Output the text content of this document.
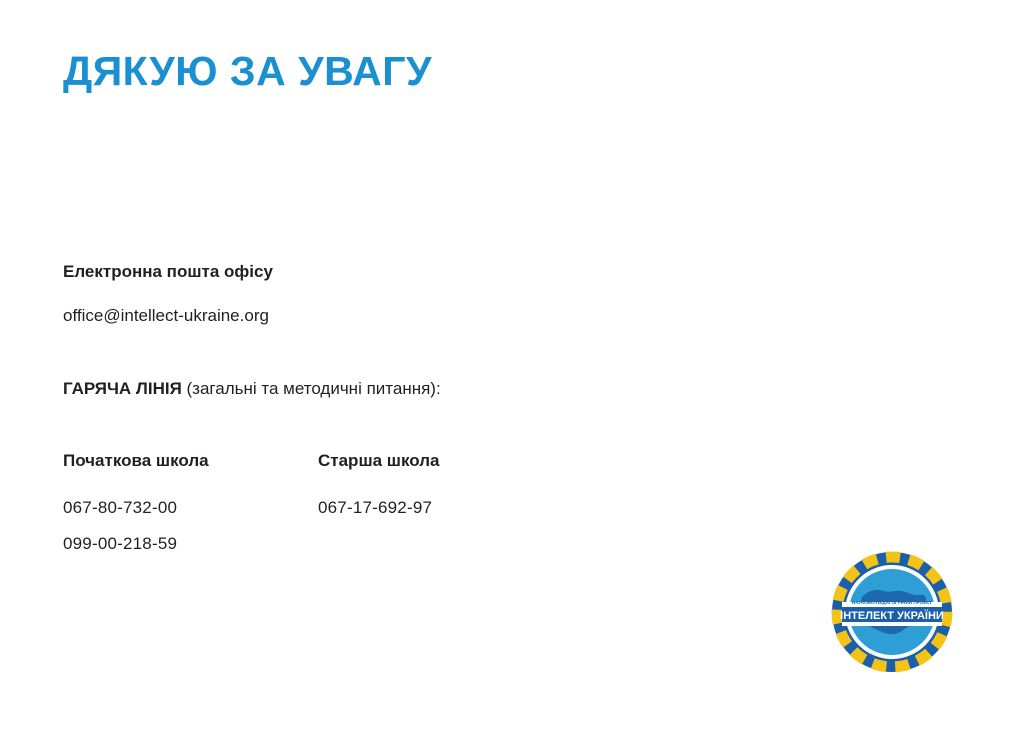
ДЯКУЮ ЗА УВАГУ

Електронна пошта офісу

office@intellect-ukraine.org

ГАРЯЧА ЛІНІЯ (загальні та методичні питання):

Початкова школа
067-80-732-00
099-00-218-59
Старша школа
067-17-692-97
НАУКОВО-ПЕДАГОГІЧНИЙ ПРОЕКТ
ІНТЕЛЕКТ УКРАЇНИ
